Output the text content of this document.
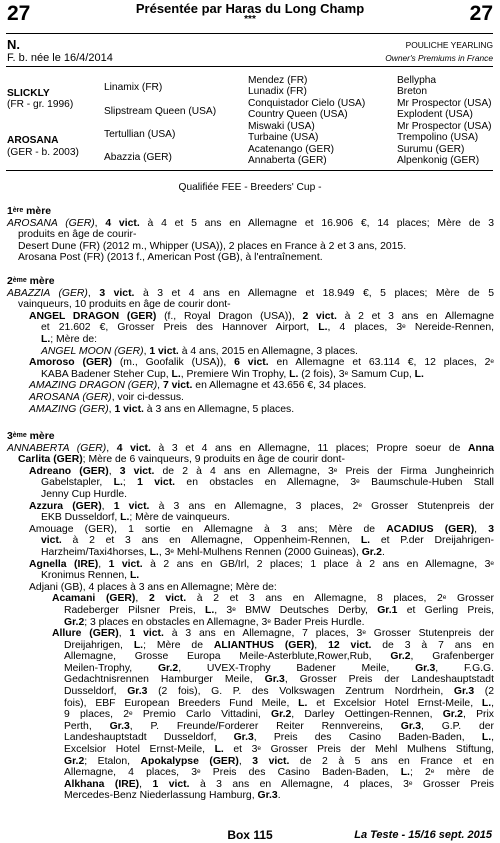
27	27
Présentée par Haras du Long Champ
***
N.
F. b. née le 16/4/2014
POULICHE YEARLING
Owner's Premiums in France
SLICKLY
(FR - gr. 1996)
AROSANA
(GER - b. 2003)
Linamix (FR)
Slipstream Queen (USA)
Tertullian (USA)
Abazzia (GER)
Mendez (FR)
Lunadix (FR)
Conquistador Cielo (USA)
Country Queen (USA)
Miswaki (USA)
Turbaine (USA)
Acatenango (GER)
Annaberta (GER)
Bellypha
Breton
Mr Prospector (USA)
Explodent (USA)
Mr Prospector (USA)
Trempolino (USA)
Surumu (GER)
Alpenkonig (GER)
Qualifiée FEE - Breeders' Cup -
1ère mère
AROSANA (GER), 4 vict. à 4 et 5 ans en Allemagne et 16.906 €, 14 places; Mère de 3
produits en âge de courir-
Desert Dune (FR) (2012 m., Whipper (USA)), 2 places en France à 2 et 3 ans, 2015.
Arosana Post (FR) (2013 f., American Post (GB), à l'entraînement.
2ème mère
ABAZZIA (GER), 3 vict. à 3 et 4 ans en Allemagne et 18.949 €, 5 places; Mère de 5
vainqueurs, 10 produits en âge de courir dont-
ANGEL DRAGON (GER) (f., Royal Dragon (USA)), 2 vict. à 2 et 3 ans en Allemagne
et 21.602 €, Grosser Preis des Hannover Airport, L., 4 places, 3e Nereide-Rennen,
L.; Mère de:
ANGEL MOON (GER), 1 vict. à 4 ans, 2015 en Allemagne, 3 places.
Amoroso (GER) (m., Goofalik (USA)), 6 vict. en Allemagne et 63.114 €, 12 places, 2e
KABA Badener Steher Cup, L., Premiere Win Trophy, L. (2 fois), 3e Samum Cup, L.
AMAZING DRAGON (GER), 7 vict. en Allemagne et 43.656 €, 34 places.
AROSANA (GER), voir ci-dessus.
AMAZING (GER), 1 vict. à 3 ans en Allemagne, 5 places.
3ème mère
ANNABERTA (GER), 4 vict. à 3 et 4 ans en Allemagne, 11 places; Propre soeur de Anna
Carlita (GER); Mère de 6 vainqueurs, 9 produits en âge de courir dont-
Adreano (GER), 3 vict. de 2 à 4 ans en Allemagne, 3e Preis der Firma Jungheinrich
Gabelstapler, L.; 1 vict. en obstacles en Allemagne, 3e Baumschule-Huben Stall
Jenny Cup Hurdle.
Azzura (GER), 1 vict. à 3 ans en Allemagne, 3 places, 2e Grosser Stutenpreis der
EKB Dusseldorf, L.; Mère de vainqueurs.
Amouage (GER), 1 sortie en Allemagne à 3 ans; Mère de ACADIUS (GER), 3
vict. à 2 et 3 ans en Allemagne, Oppenheim-Rennen, L. et P.der Dreijahrigen-
Harzheim/Taxi4horses, L., 3e Mehl-Mulhens Rennen (2000 Guineas), Gr.2.
Agnella (IRE), 1 vict. à 2 ans en GB/Irl, 2 places; 1 place à 2 ans en Allemagne, 3e
Kronimus Rennen, L.
Adjani (GB), 4 places à 3 ans en Allemagne; Mère de:
Acamani (GER), 2 vict. à 2 et 3 ans en Allemagne, 8 places, 2e Grosser
Radeberger Pilsner Preis, L., 3e BMW Deutsches Derby, Gr.1 et Gerling Preis,
Gr.2; 3 places en obstacles en Allemagne, 3e Bader Preis Hurdle.
Allure (GER), 1 vict. à 3 ans en Allemagne, 7 places, 3e Grosser Stutenpreis der
Dreijahrigen, L.; Mère de ALIANTHUS (GER), 12 vict. de 3 à 7 ans en
Allemagne, Grosse Europa Meile-Asterblute,Rower,Rub, Gr.2, Grafenberger
Meilen-Trophy, Gr.2, UVEX-Trophy Badener Meile, Gr.3, F.G.G.
Gedachtnisrennen Hamburger Meile, Gr.3, Grosser Preis der Landeshauptstadt
Dusseldorf, Gr.3 (2 fois), G. P. des Volkswagen Zentrum Nordrhein, Gr.3 (2
fois), EBF European Breeders Fund Meile, L. et Excelsior Hotel Ernst-Meile, L.,
9 places, 2e Premio Carlo Vittadini, Gr.2, Darley Oettingen-Rennen, Gr.2, Prix
Perth, Gr.3, P. Freunde/Forderer Reiter Rennvereins, Gr.3, G.P. der
Landeshauptstadt Dusseldorf, Gr.3, Preis des Casino Baden-Baden, L.,
Excelsior Hotel Ernst-Meile, L. et 3e Grosser Preis der Mehl Mulhens Stiftung,
Gr.2; Etalon, Apokalypse (GER), 3 vict. de 2 à 5 ans en France et en
Allemagne, 4 places, 3e Preis des Casino Baden-Baden, L.; 2e mère de
Alkhana (IRE), 1 vict. à 3 ans en Allemagne, 4 places, 3e Grosser Preis
Mercedes-Benz Niederlassung Hamburg, Gr.3.
Box 115	La Teste - 15/16 sept. 2015
